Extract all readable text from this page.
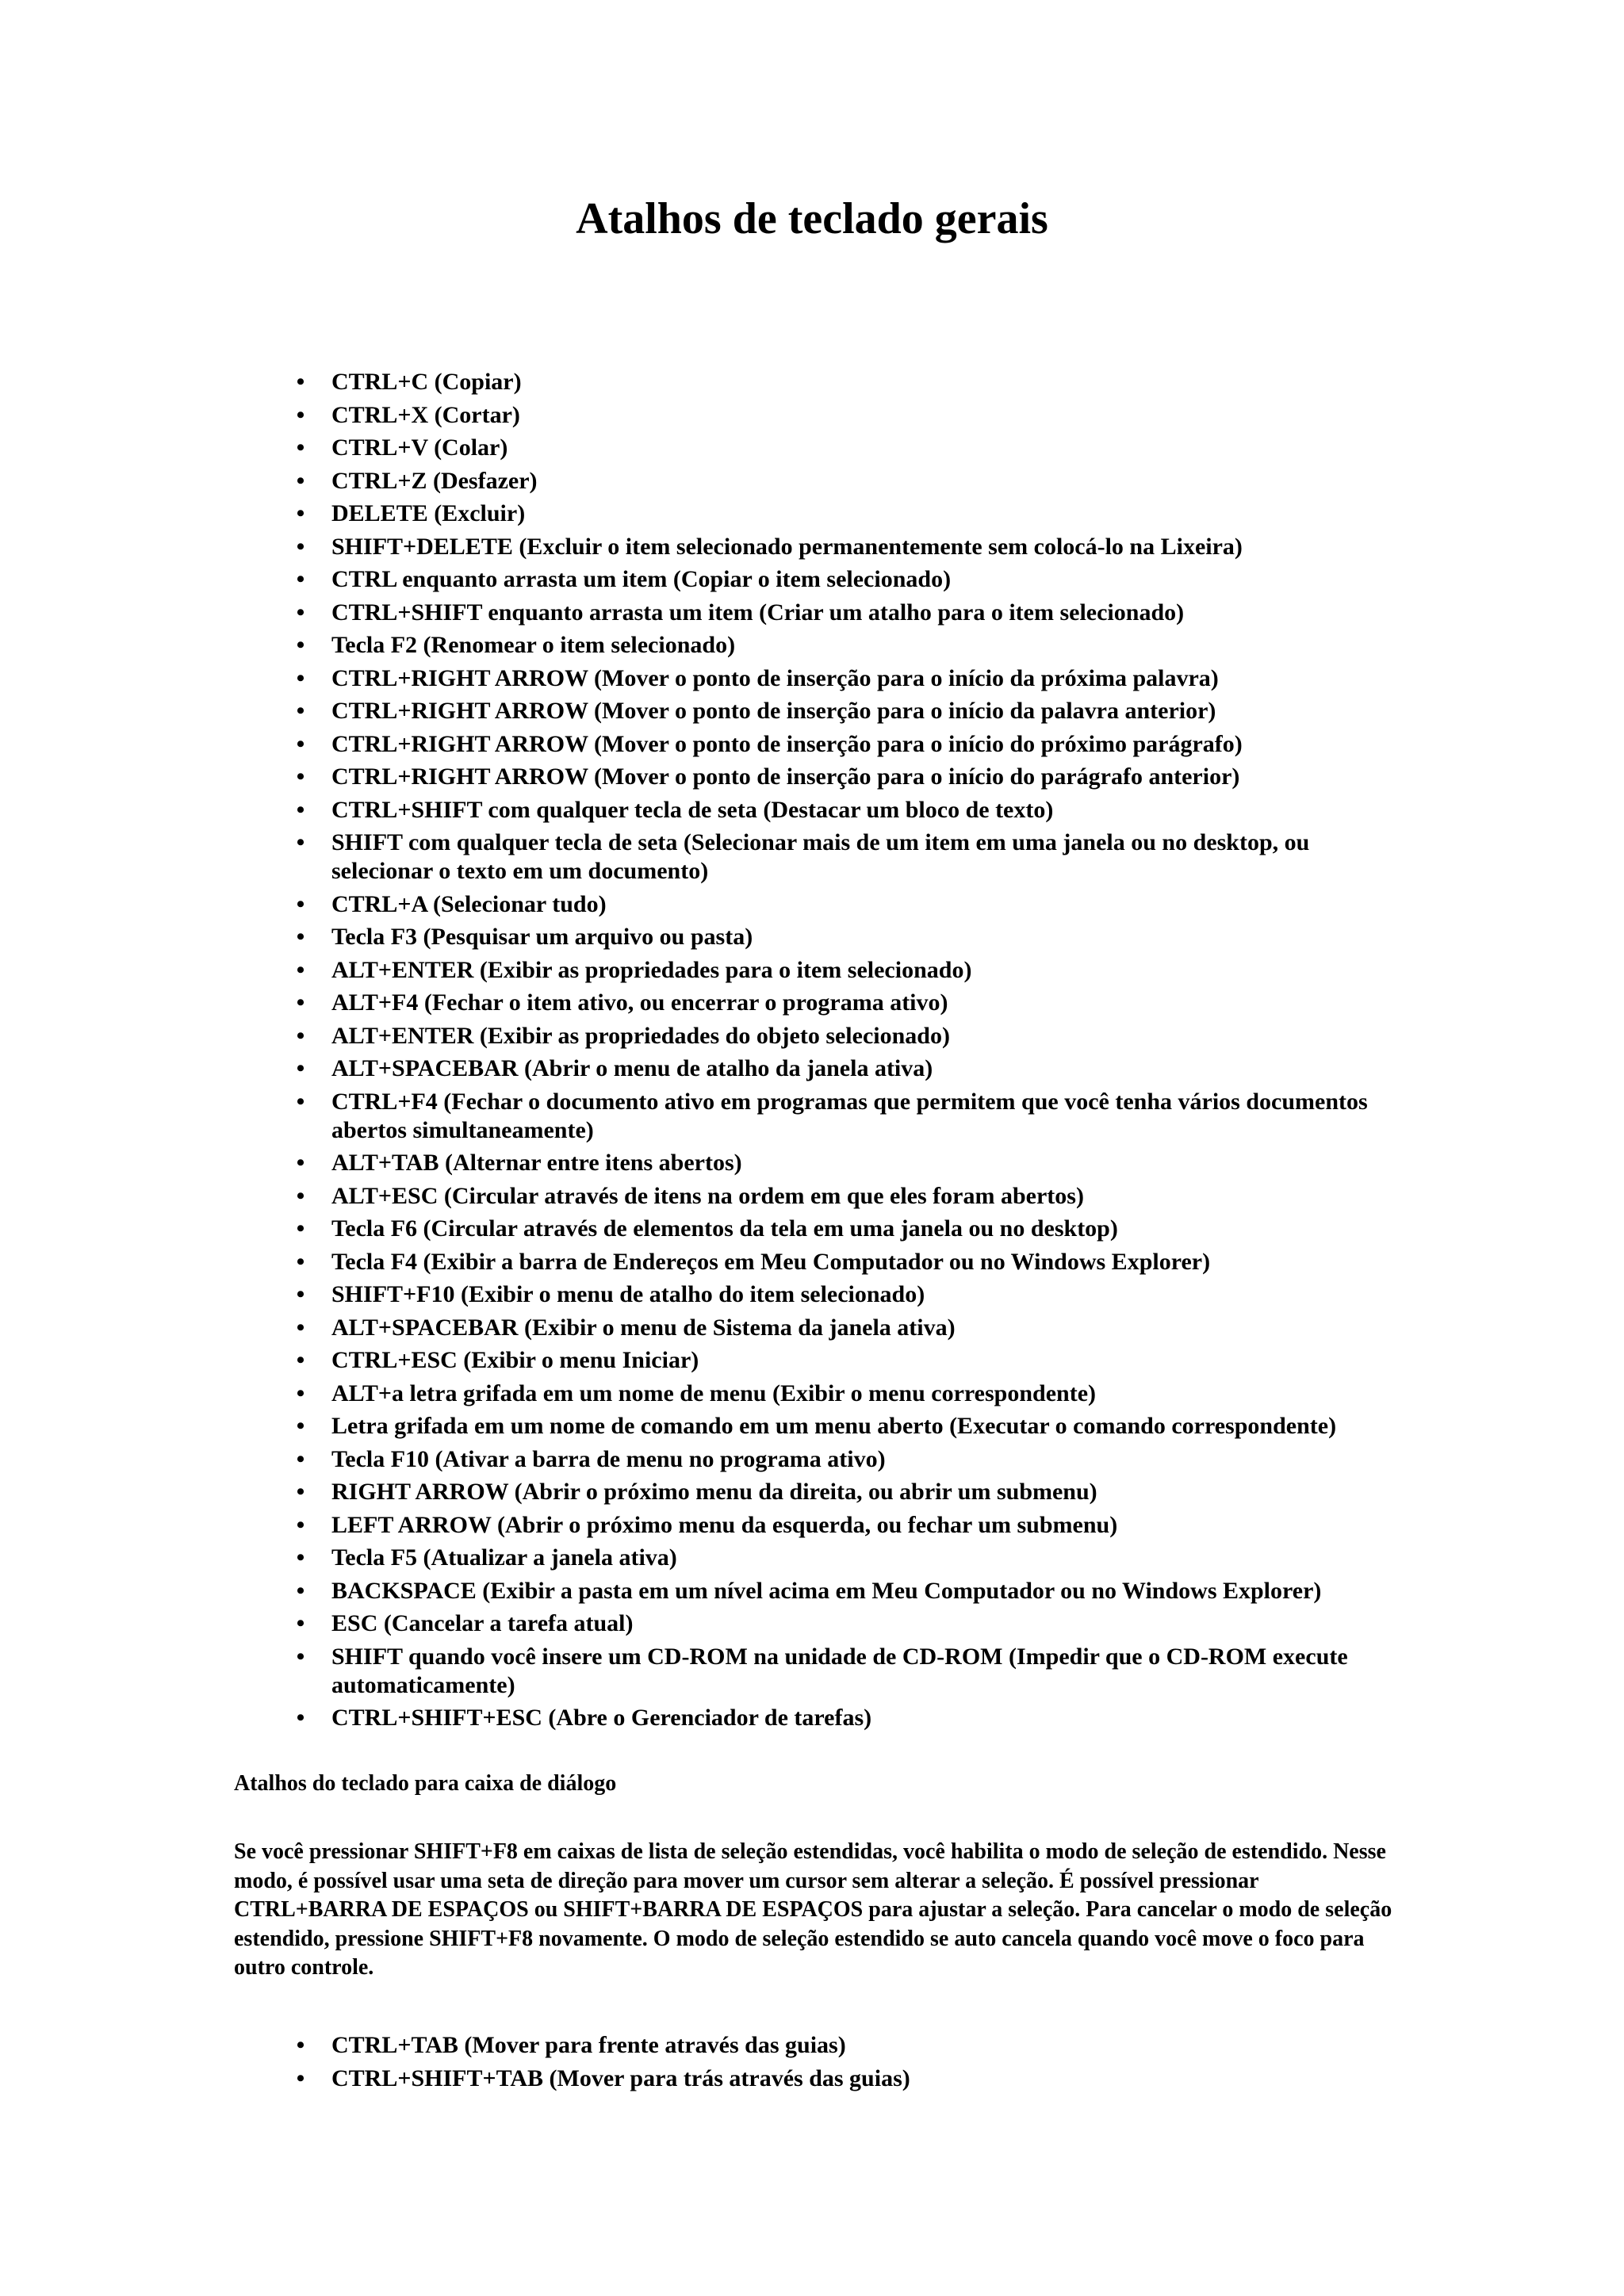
Atalhos de teclado gerais
• CTRL+C (Copiar)
• CTRL+X (Cortar)
• CTRL+V (Colar)
• CTRL+Z (Desfazer)
• DELETE (Excluir)
• SHIFT+DELETE (Excluir o item selecionado permanentemente sem colocá-lo na Lixeira)
• CTRL enquanto arrasta um item (Copiar o item selecionado)
• CTRL+SHIFT enquanto arrasta um item (Criar um atalho para o item selecionado)
• Tecla F2 (Renomear o item selecionado)
• CTRL+RIGHT ARROW (Mover o ponto de inserção para o início da próxima palavra)
• CTRL+RIGHT ARROW (Mover o ponto de inserção para o início da palavra anterior)
• CTRL+RIGHT ARROW (Mover o ponto de inserção para o início do próximo parágrafo)
• CTRL+RIGHT ARROW (Mover o ponto de inserção para o início do parágrafo anterior)
• CTRL+SHIFT com qualquer tecla de seta (Destacar um bloco de texto)
• SHIFT com qualquer tecla de seta (Selecionar mais de um item em uma janela ou no desktop, ou selecionar o texto em um documento)
• CTRL+A (Selecionar tudo)
• Tecla F3 (Pesquisar um arquivo ou pasta)
• ALT+ENTER (Exibir as propriedades para o item selecionado)
• ALT+F4 (Fechar o item ativo, ou encerrar o programa ativo)
• ALT+ENTER (Exibir as propriedades do objeto selecionado)
• ALT+SPACEBAR (Abrir o menu de atalho da janela ativa)
• CTRL+F4 (Fechar o documento ativo em programas que permitem que você tenha vários documentos abertos simultaneamente)
• ALT+TAB (Alternar entre itens abertos)
• ALT+ESC (Circular através de itens na ordem em que eles foram abertos)
• Tecla F6 (Circular através de elementos da tela em uma janela ou no desktop)
• Tecla F4 (Exibir a barra de Endereços em Meu Computador ou no Windows Explorer)
• SHIFT+F10 (Exibir o menu de atalho do item selecionado)
• ALT+SPACEBAR (Exibir o menu de Sistema da janela ativa)
• CTRL+ESC (Exibir o menu Iniciar)
• ALT+a letra grifada em um nome de menu (Exibir o menu correspondente)
• Letra grifada em um nome de comando em um menu aberto (Executar o comando correspondente)
• Tecla F10 (Ativar a barra de menu no programa ativo)
• RIGHT ARROW (Abrir o próximo menu da direita, ou abrir um submenu)
• LEFT ARROW (Abrir o próximo menu da esquerda, ou fechar um submenu)
• Tecla F5 (Atualizar a janela ativa)
• BACKSPACE (Exibir a pasta em um nível acima em Meu Computador ou no Windows Explorer)
• ESC (Cancelar a tarefa atual)
• SHIFT quando você insere um CD-ROM na unidade de CD-ROM (Impedir que o CD-ROM execute automaticamente)
• CTRL+SHIFT+ESC (Abre o Gerenciador de tarefas)

Atalhos do teclado para caixa de diálogo

Se você pressionar SHIFT+F8 em caixas de lista de seleção estendidas, você habilita o modo de seleção de estendido. Nesse modo, é possível usar uma seta de direção para mover um cursor sem alterar a seleção. É possível pressionar CTRL+BARRA DE ESPAÇOS ou SHIFT+BARRA DE ESPAÇOS para ajustar a seleção. Para cancelar o modo de seleção estendido, pressione SHIFT+F8 novamente. O modo de seleção estendido se auto cancela quando você move o foco para outro controle.

• CTRL+TAB (Mover para frente através das guias)
• CTRL+SHIFT+TAB (Mover para trás através das guias)
